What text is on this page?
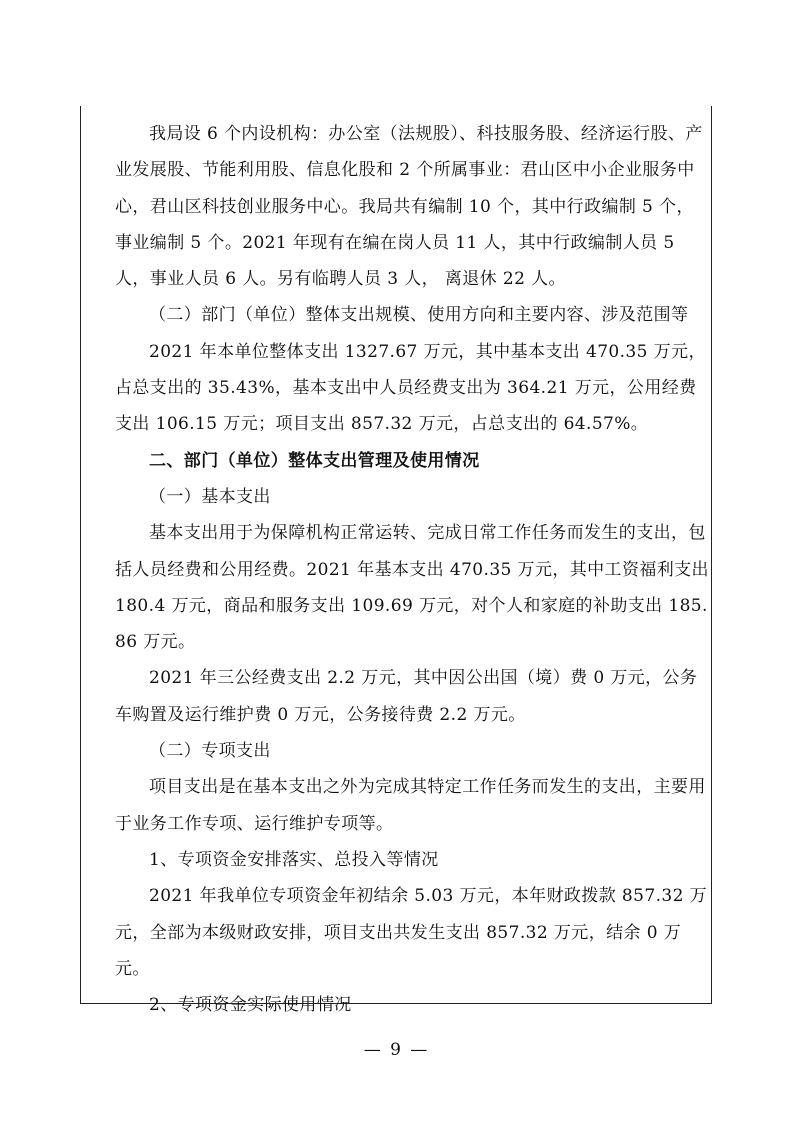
我局设 6 个内设机构：办公室（法规股）、科技服务股、经济运行股、产业发展股、节能利用股、信息化股和 2 个所属事业：君山区中小企业服务中心，君山区科技创业服务中心。我局共有编制 10 个，其中行政编制 5 个，事业编制 5 个。2021 年现有在编在岗人员 11 人，其中行政编制人员 5 人，事业人员 6 人。另有临聘人员 3 人， 离退休 22 人。

（二）部门（单位）整体支出规模、使用方向和主要内容、涉及范围等

2021 年本单位整体支出 1327.67 万元，其中基本支出 470.35 万元，占总支出的 35.43%，基本支出中人员经费支出为 364.21 万元，公用经费支出 106.15 万元；项目支出 857.32 万元，占总支出的 64.57%。

二、部门（单位）整体支出管理及使用情况

（一）基本支出

基本支出用于为保障机构正常运转、完成日常工作任务而发生的支出，包括人员经费和公用经费。2021 年基本支出 470.35 万元，其中工资福利支出 180.4 万元，商品和服务支出 109.69 万元，对个人和家庭的补助支出 185.86 万元。

2021 年三公经费支出 2.2 万元，其中因公出国（境）费 0 万元，公务车购置及运行维护费 0 万元，公务接待费 2.2 万元。

（二）专项支出

项目支出是在基本支出之外为完成其特定工作任务而发生的支出，主要用于业务工作专项、运行维护专项等。

1、专项资金安排落实、总投入等情况

2021 年我单位专项资金年初结余 5.03 万元，本年财政拨款 857.32 万元，全部为本级财政安排，项目支出共发生支出 857.32 万元，结余 0 万元。

2、专项资金实际使用情况

— 9 —
